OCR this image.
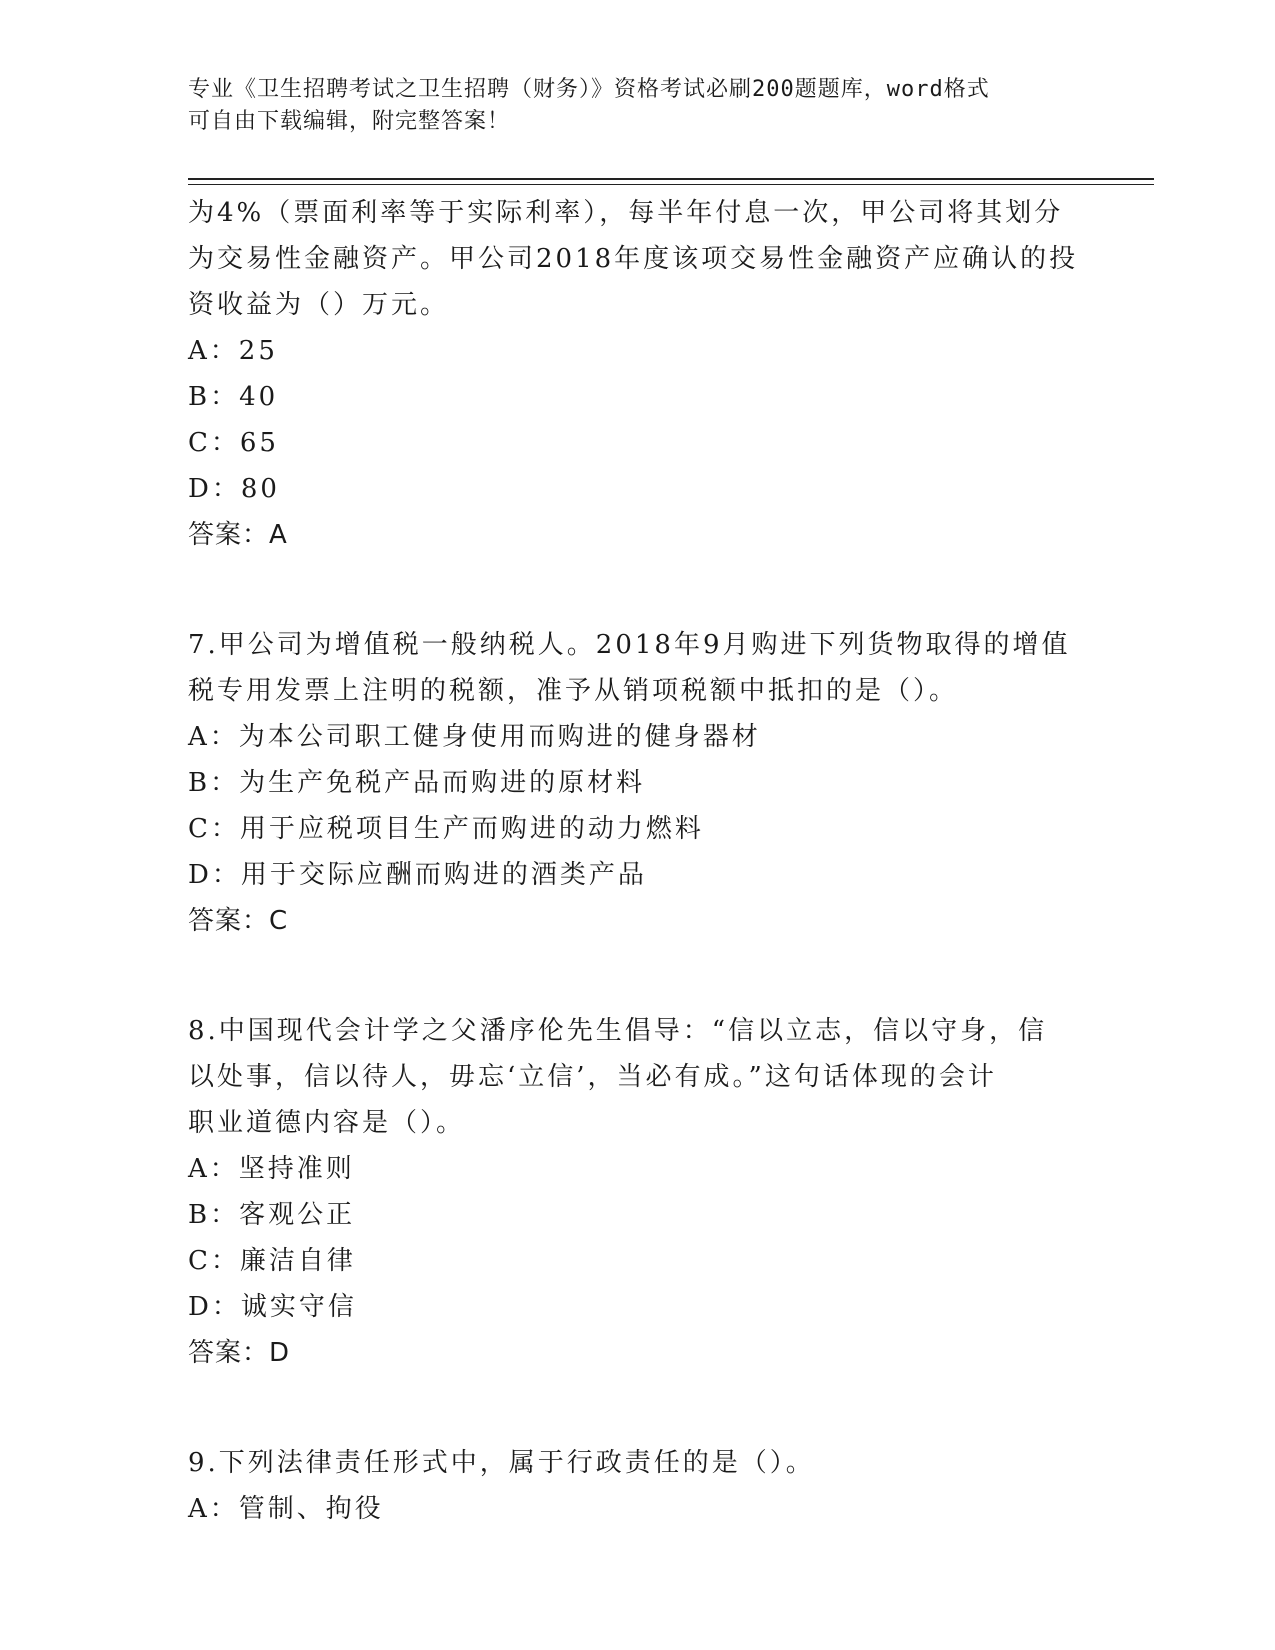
专业《卫生招聘考试之卫生招聘（财务）》资格考试必刷200题题库，word格式
可自由下载编辑，附完整答案！
为4%（票面利率等于实际利率），每半年付息一次，甲公司将其划分
为交易性金融资产。甲公司2018年度该项交易性金融资产应确认的投
资收益为（）万元。
A：25
B：40
C：65
D：80
答案：A
7.甲公司为增值税一般纳税人。2018年9月购进下列货物取得的增值
税专用发票上注明的税额，准予从销项税额中抵扣的是（）。
A：为本公司职工健身使用而购进的健身器材
B：为生产免税产品而购进的原材料
C：用于应税项目生产而购进的动力燃料
D：用于交际应酬而购进的酒类产品
答案：C
8.中国现代会计学之父潘序伦先生倡导：“信以立志，信以守身，信
以处事，信以待人，毋忘‘立信’，当必有成。”这句话体现的会计
职业道德内容是（）。
A：坚持准则
B：客观公正
C：廉洁自律
D：诚实守信
答案：D
9.下列法律责任形式中，属于行政责任的是（）。
A：管制、拘役
